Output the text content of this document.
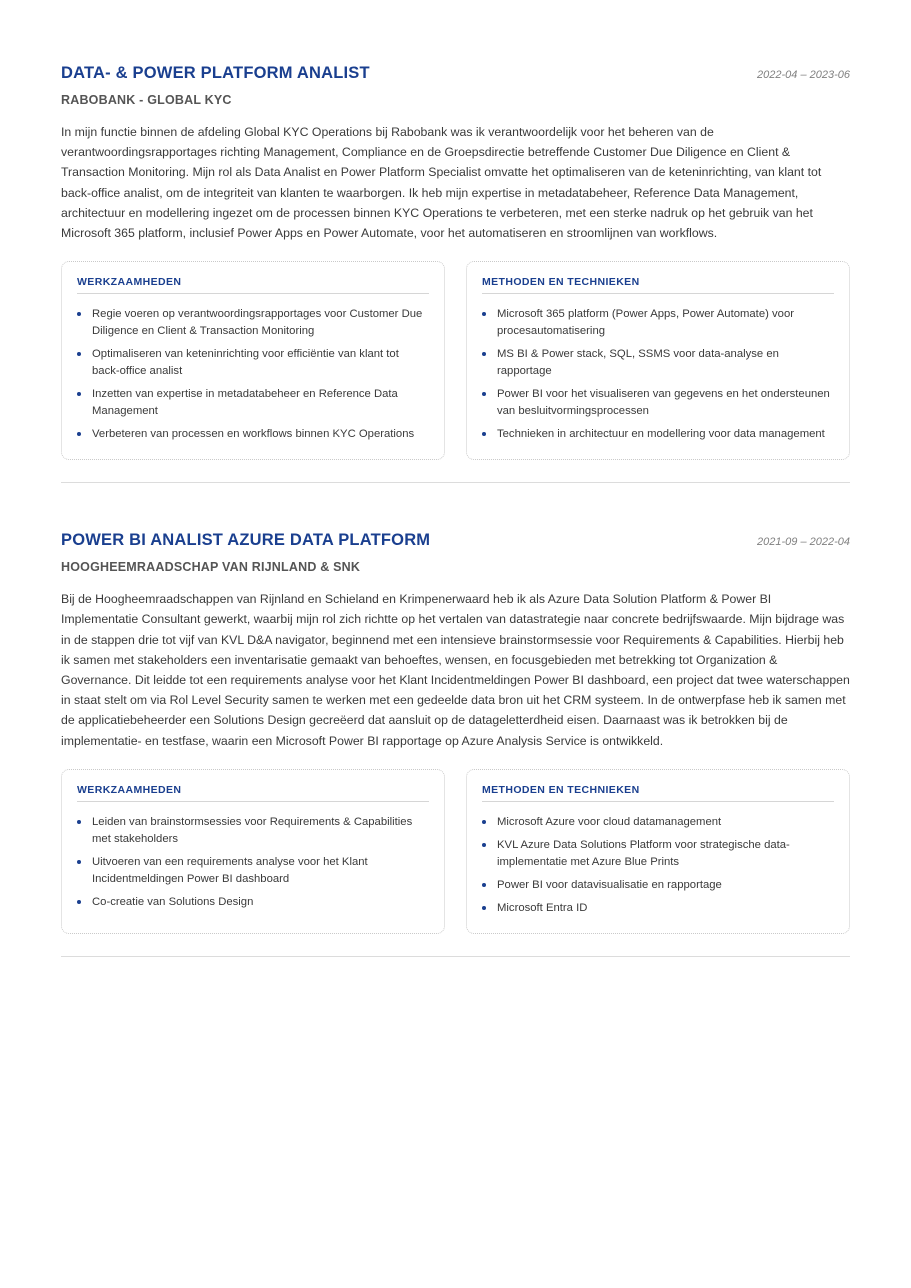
DATA- & POWER PLATFORM ANALIST	2022-04 – 2023-06
RABOBANK - GLOBAL KYC

In mijn functie binnen de afdeling Global KYC Operations bij Rabobank was ik verantwoordelijk voor het beheren van de verantwoordingsrapportages richting Management, Compliance en de Groepsdirectie betreffende Customer Due Diligence en Client & Transaction Monitoring. Mijn rol als Data Analist en Power Platform Specialist omvatte het optimaliseren van de keteninrichting, van klant tot back-office analist, om de integriteit van klanten te waarborgen. Ik heb mijn expertise in metadatabeheer, Reference Data Management, architectuur en modellering ingezet om de processen binnen KYC Operations te verbeteren, met een sterke nadruk op het gebruik van het Microsoft 365 platform, inclusief Power Apps en Power Automate, voor het automatiseren en stroomlijnen van workflows.

WERKZAAMHEDEN
Regie voeren op verantwoordingsrapportages voor Customer Due Diligence en Client & Transaction Monitoring
Optimaliseren van keteninrichting voor efficiëntie van klant tot back-office analist
Inzetten van expertise in metadatabeheer en Reference Data Management
Verbeteren van processen en workflows binnen KYC Operations
METHODEN EN TECHNIEKEN
Microsoft 365 platform (Power Apps, Power Automate) voor procesautomatisering
MS BI & Power stack, SQL, SSMS voor data-analyse en rapportage
Power BI voor het visualiseren van gegevens en het ondersteunen van besluitvormingsprocessen
Technieken in architectuur en modellering voor data management
POWER BI ANALIST AZURE DATA PLATFORM	2021-09 – 2022-04
HOOGHEEMRAADSCHAP VAN RIJNLAND & SNK

Bij de Hoogheemraadschappen van Rijnland en Schieland en Krimpenerwaard heb ik als Azure Data Solution Platform & Power BI Implementatie Consultant gewerkt, waarbij mijn rol zich richtte op het vertalen van datastrategie naar concrete bedrijfswaarde. Mijn bijdrage was in de stappen drie tot vijf van KVL D&A navigator, beginnend met een intensieve brainstormsessie voor Requirements & Capabilities. Hierbij heb ik samen met stakeholders een inventarisatie gemaakt van behoeftes, wensen, en focusgebieden met betrekking tot Organization & Governance. Dit leidde tot een requirements analyse voor het Klant Incidentmeldingen Power BI dashboard, een project dat twee waterschappen in staat stelt om via Rol Level Security samen te werken met een gedeelde data bron uit het CRM systeem. In de ontwerpfase heb ik samen met de applicatiebeheerder een Solutions Design gecreëerd dat aansluit op de datageletterdheid eisen. Daarnaast was ik betrokken bij de implementatie- en testfase, waarin een Microsoft Power BI rapportage op Azure Analysis Service is ontwikkeld.

WERKZAAMHEDEN
Leiden van brainstormsessies voor Requirements & Capabilities met stakeholders
Uitvoeren van een requirements analyse voor het Klant Incidentmeldingen Power BI dashboard
Co-creatie van Solutions Design
METHODEN EN TECHNIEKEN
Microsoft Azure voor cloud datamanagement
KVL Azure Data Solutions Platform voor strategische data-implementatie met Azure Blue Prints
Power BI voor datavisualisatie en rapportage
Microsoft Entra ID
